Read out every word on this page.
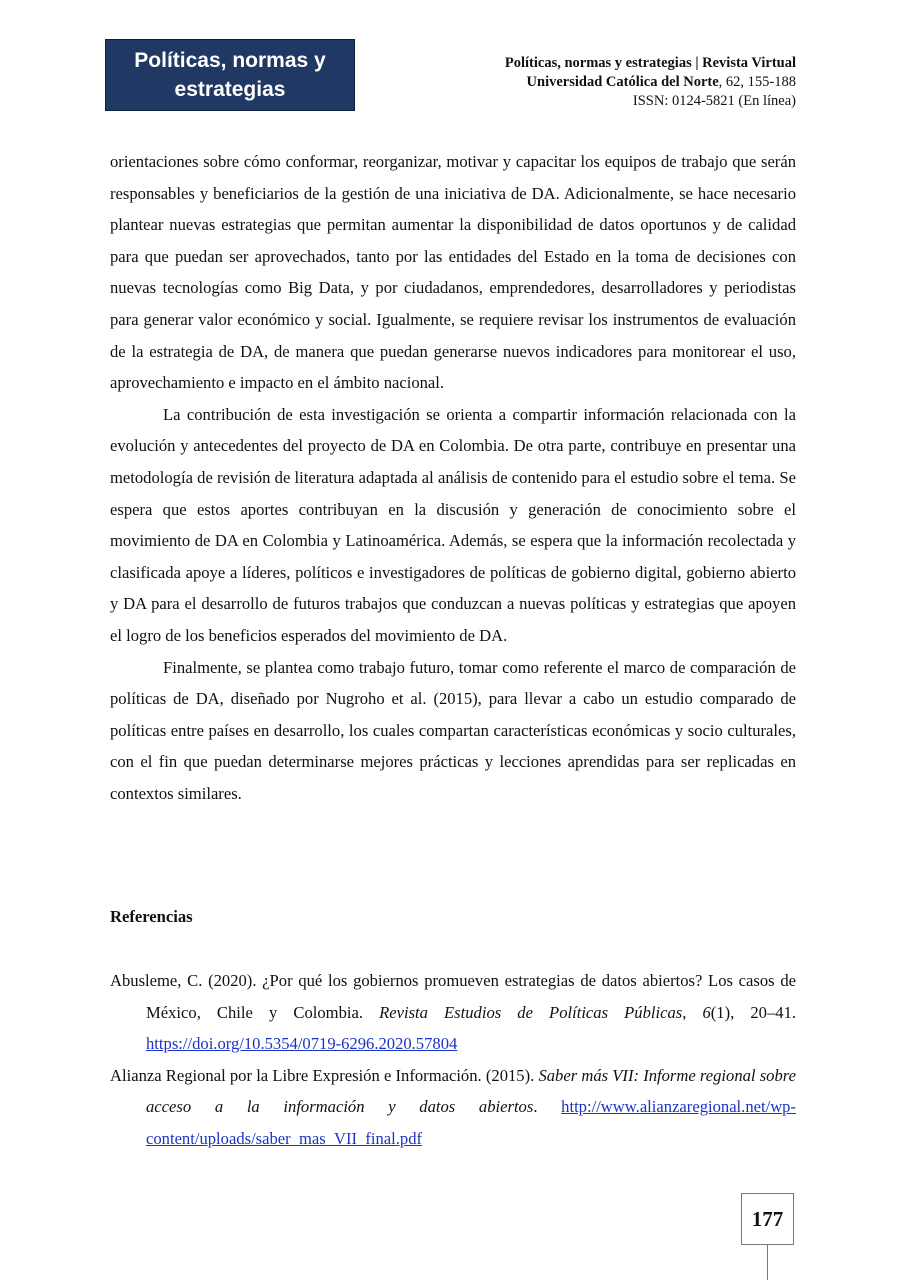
Políticas, normas y estrategias
Políticas, normas y estrategias | Revista Virtual
Universidad Católica del Norte, 62, 155-188
ISSN: 0124-5821 (En línea)

orientaciones sobre cómo conformar, reorganizar, motivar y capacitar los equipos de trabajo que serán responsables y beneficiarios de la gestión de una iniciativa de DA. Adicionalmente, se hace necesario plantear nuevas estrategias que permitan aumentar la disponibilidad de datos oportunos y de calidad para que puedan ser aprovechados, tanto por las entidades del Estado en la toma de decisiones con nuevas tecnologías como Big Data, y por ciudadanos, emprendedores, desarrolladores y periodistas para generar valor económico y social. Igualmente, se requiere revisar los instrumentos de evaluación de la estrategia de DA, de manera que puedan generarse nuevos indicadores para monitorear el uso, aprovechamiento e impacto en el ámbito nacional.

La contribución de esta investigación se orienta a compartir información relacionada con la evolución y antecedentes del proyecto de DA en Colombia. De otra parte, contribuye en presentar una metodología de revisión de literatura adaptada al análisis de contenido para el estudio sobre el tema. Se espera que estos aportes contribuyan en la discusión y generación de conocimiento sobre el movimiento de DA en Colombia y Latinoamérica. Además, se espera que la información recolectada y clasificada apoye a líderes, políticos e investigadores de políticas de gobierno digital, gobierno abierto y DA para el desarrollo de futuros trabajos que conduzcan a nuevas políticas y estrategias que apoyen el logro de los beneficios esperados del movimiento de DA.

Finalmente, se plantea como trabajo futuro, tomar como referente el marco de comparación de políticas de DA, diseñado por Nugroho et al. (2015), para llevar a cabo un estudio comparado de políticas entre países en desarrollo, los cuales compartan características económicas y socio culturales, con el fin que puedan determinarse mejores prácticas y lecciones aprendidas para ser replicadas en contextos similares.

Referencias

Abusleme, C. (2020). ¿Por qué los gobiernos promueven estrategias de datos abiertos? Los casos de México, Chile y Colombia. Revista Estudios de Políticas Públicas, 6(1), 20–41. https://doi.org/10.5354/0719-6296.2020.57804

Alianza Regional por la Libre Expresión e Información. (2015). Saber más VII: Informe regional sobre acceso a la información y datos abiertos. http://www.alianzaregional.net/wp-content/uploads/saber_mas_VII_final.pdf

177
